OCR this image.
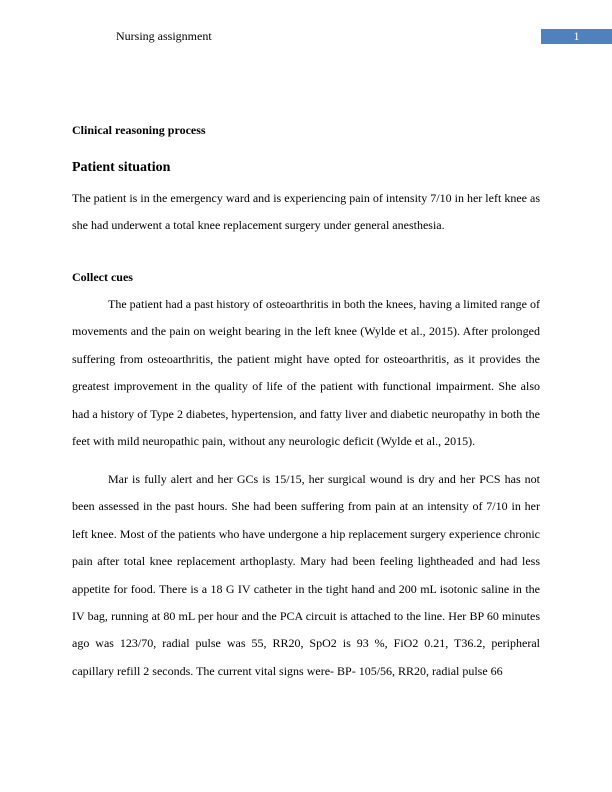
Nursing assignment	1
Clinical reasoning process
Patient situation

The patient is in the emergency ward and is experiencing pain of intensity 7/10 in her left knee as she had underwent a total knee replacement surgery under general anesthesia.

Collect cues

The patient had a past history of osteoarthritis in both the knees, having a limited range of movements and the pain on weight bearing in the left knee (Wylde et al., 2015). After prolonged suffering from osteoarthritis, the patient might have opted for osteoarthritis, as it provides the greatest improvement in the quality of life of the patient with functional impairment. She also had a history of Type 2 diabetes, hypertension, and fatty liver and diabetic neuropathy in both the feet with mild neuropathic pain, without any neurologic deficit (Wylde et al., 2015).

Mar is fully alert and her GCs is 15/15, her surgical wound is dry and her PCS has not been assessed in the past hours. She had been suffering from pain at an intensity of 7/10 in her left knee. Most of the patients who have undergone a hip replacement surgery experience chronic pain after total knee replacement arthoplasty. Mary had been feeling lightheaded and had less appetite for food. There is a 18 G IV catheter in the tight hand and 200 mL isotonic saline in the IV bag, running at 80 mL per hour and the PCA circuit is attached to the line. Her BP 60 minutes ago was 123/70, radial pulse was 55, RR20, SpO2 is 93 %, FiO2 0.21, T36.2, peripheral capillary refill 2 seconds. The current vital signs were- BP- 105/56, RR20, radial pulse 66
